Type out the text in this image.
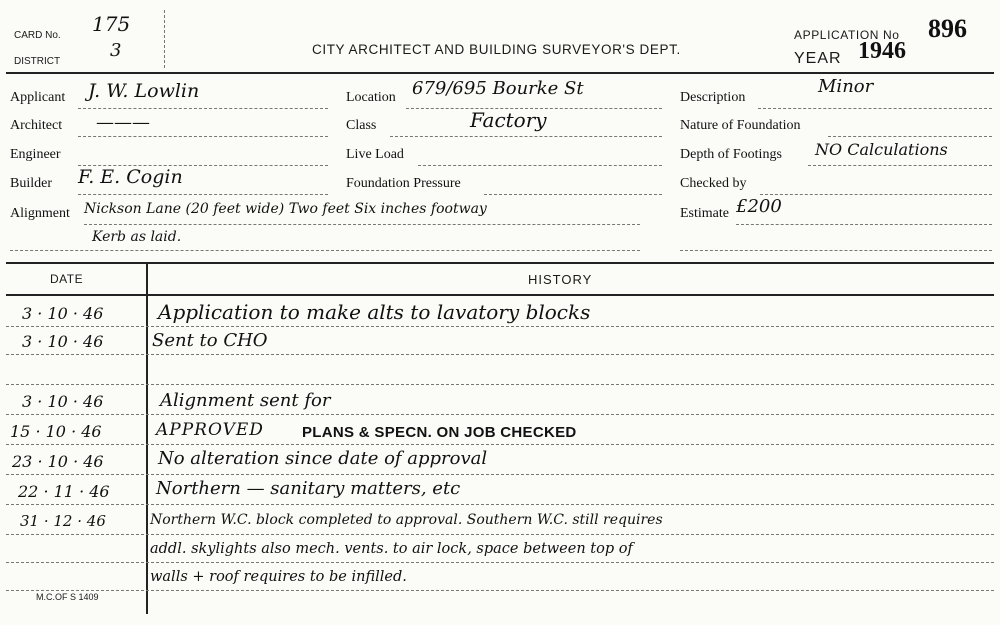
CARD No. 175
DISTRICT
3	CITY ARCHITECT AND BUILDING SURVEYOR'S DEPT.
APPLICATION No 896
YEAR 1946
Applicant J. W. Lowlin
Architect ———
Engineer
Builder F. E. Cogin
Alignment Nickson Lane (20 feet wide) Two feet Six inches footway
Kerb as laid.
Location 679/695 Bourke St
Class	Factory
Live Load
Foundation Pressure
Description
Minor
Nature of Foundation
Depth of Footings NO Calculations
Checked by
Estimate £200
DATE	HISTORY
3 · 10 · 46	Application to make alts to lavatory blocks
3 · 10 · 46	Sent to CHO
3 · 10 · 46	Alignment sent for
15 · 10 · 46	APPROVED	PLANS & SPECN. ON JOB CHECKED
23 · 10 · 46	No alteration since date of approval
22 · 11 · 46	Northern — sanitary matters, etc
31 · 12 · 46	Northern W.C. block completed to approval. Southern W.C. still requires
addl. skylights also mech. vents. to air lock, space between top of
walls + roof requires to be infilled.
M.C.OF S 1409
